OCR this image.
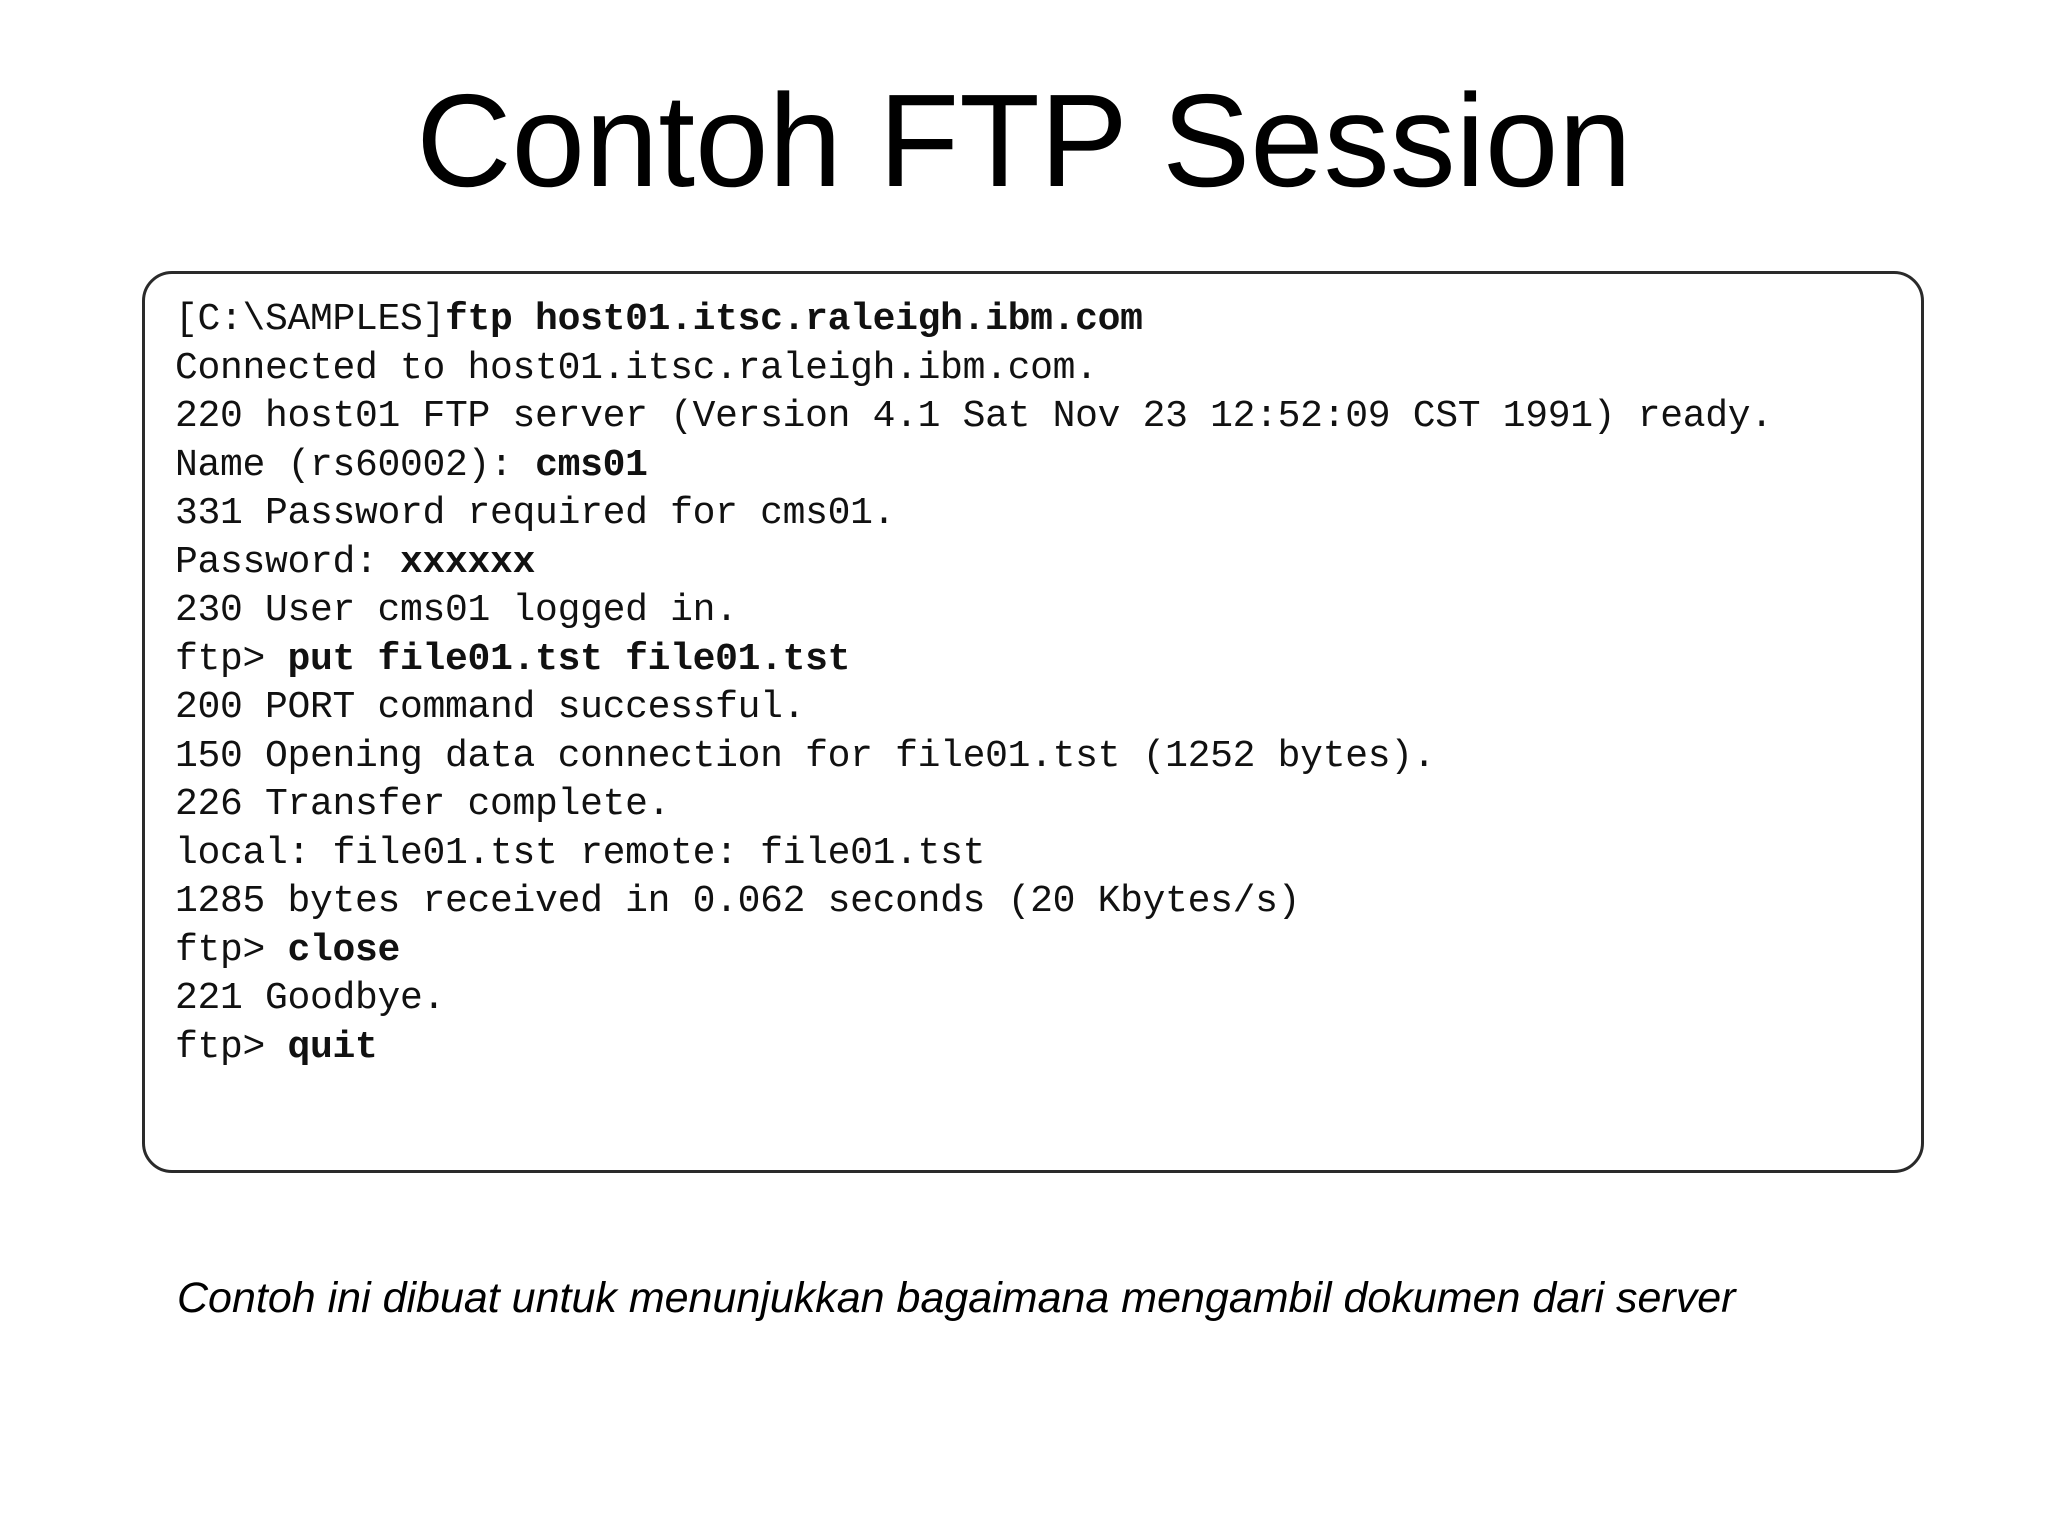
Contoh FTP Session
[C:\SAMPLES]ftp host01.itsc.raleigh.ibm.com
Connected to host01.itsc.raleigh.ibm.com.
220 host01 FTP server (Version 4.1 Sat Nov 23 12:52:09 CST 1991) ready.
Name (rs60002): cms01
331 Password required for cms01.
Password: xxxxxx
230 User cms01 logged in.
ftp> put file01.tst file01.tst
200 PORT command successful.
150 Opening data connection for file01.tst (1252 bytes).
226 Transfer complete.
local: file01.tst remote: file01.tst
1285 bytes received in 0.062 seconds (20 Kbytes/s)
ftp> close
221 Goodbye.
ftp> quit

Contoh ini dibuat untuk menunjukkan bagaimana mengambil dokumen dari server
